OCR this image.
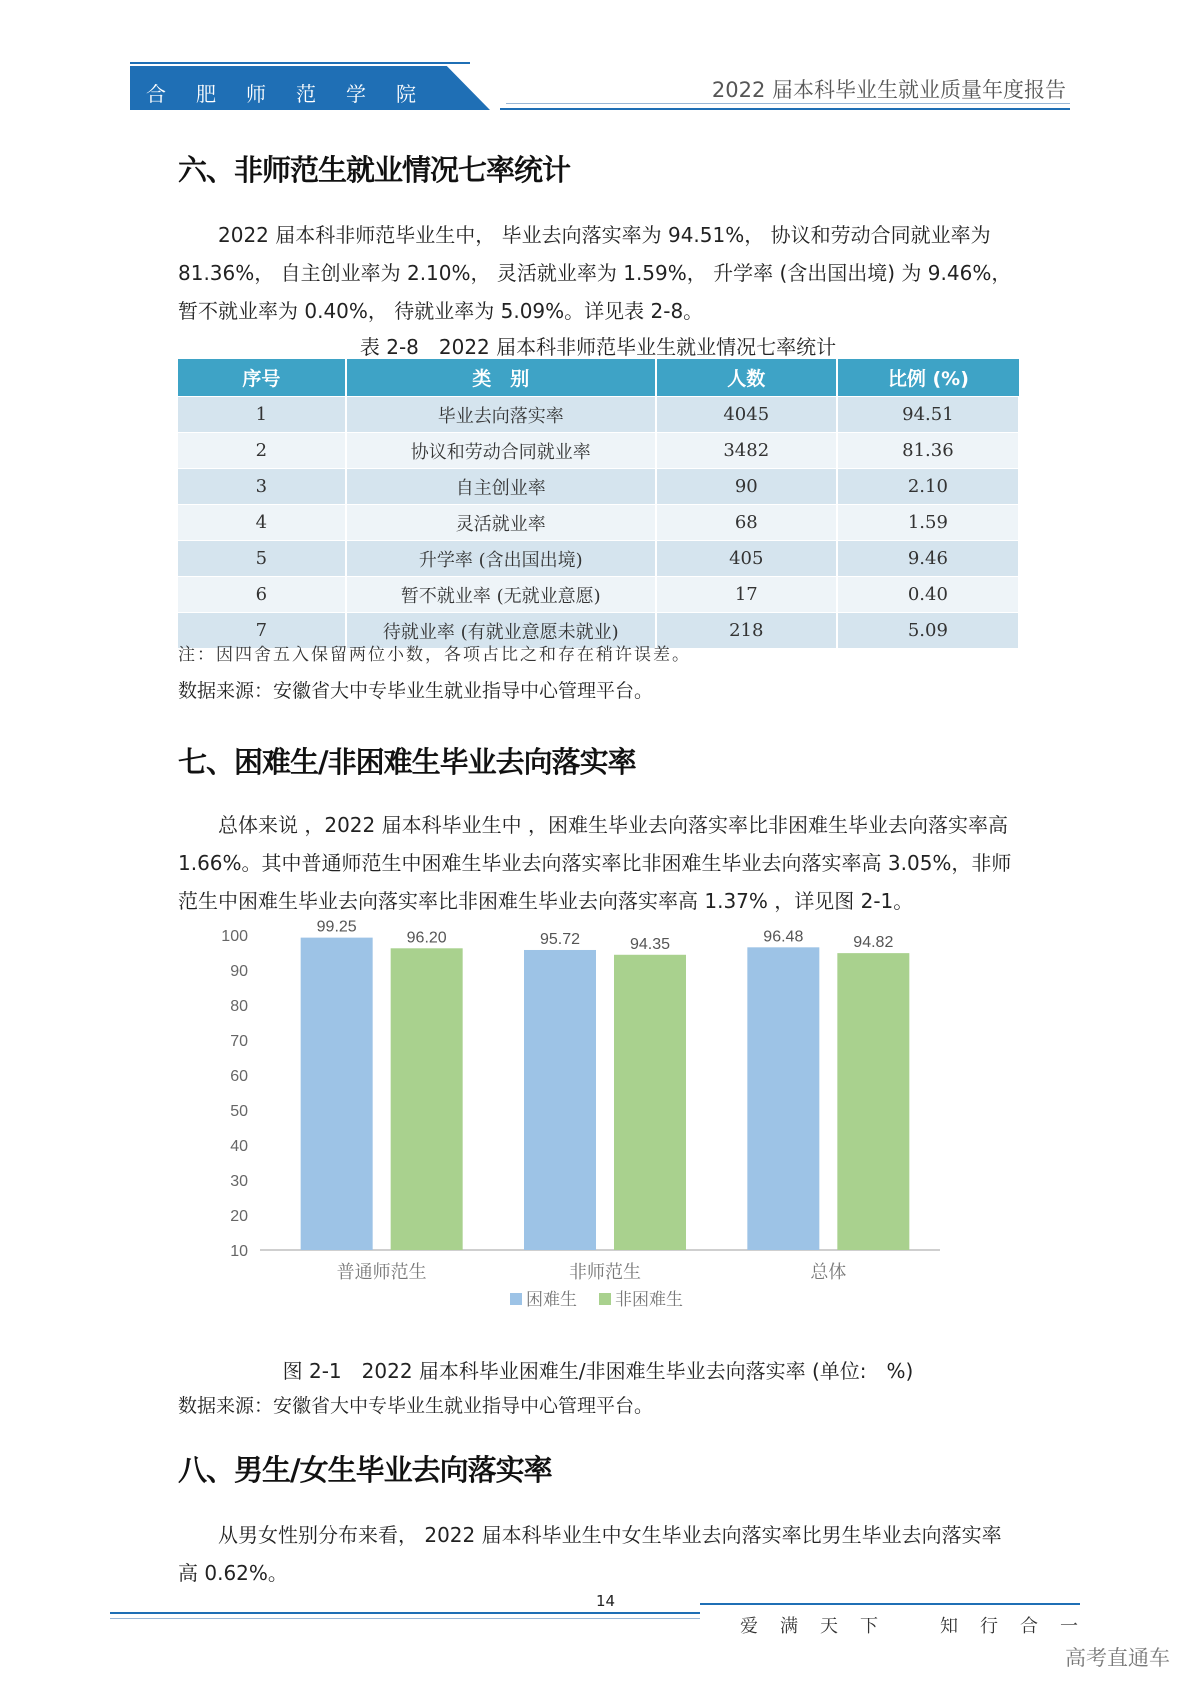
合肥师范学院	2022 届本科毕业生就业质量年度报告
六、非师范生就业情况七率统计
2022 届本科非师范毕业生中， 毕业去向落实率为 94.51%， 协议和劳动合同就业率为 81.36%， 自主创业率为 2.10%， 灵活就业率为 1.59%， 升学率 (含出国出境) 为 9.46%，暂不就业率为 0.40%， 待就业率为 5.09%。详见表 2-8。
表 2-8　2022 届本科非师范毕业生就业情况七率统计
序号	类　别	人数	比例 (%)
1	毕业去向落实率	4045	94.51
2	协议和劳动合同就业率	3482	81.36
3	自主创业率	90	2.10
4	灵活就业率	68	1.59
5	升学率 (含出国出境)	405	9.46
6	暂不就业率 (无就业意愿)	17	0.40
7	待就业率 (有就业意愿未就业)	218	5.09
注：因四舍五入保留两位小数，各项占比之和存在稍许误差。
数据来源：安徽省大中专毕业生就业指导中心管理平台。
七、困难生/非困难生毕业去向落实率
总体来说 ，2022 届本科毕业生中 ，困难生毕业去向落实率比非困难生毕业去向落实率高 1.66%。其中普通师范生中困难生毕业去向落实率比非困难生毕业去向落实率高 3.05%，非师范生中困难生毕业去向落实率比非困难生毕业去向落实率高 1.37% ，详见图 2-1。
10
20
30
40
50
60
70
80
90
100
99.25
96.20
普通师范生
95.72	94.35
非师范生
96.48	94.82
总体
困难生 非困难生
图 2-1　2022 届本科毕业困难生/非困难生毕业去向落实率 (单位:　%)
数据来源：安徽省大中专毕业生就业指导中心管理平台。
八、男生/女生毕业去向落实率
从男女性别分布来看， 2022 届本科毕业生中女生毕业去向落实率比男生毕业去向落实率高 0.62%。
14
爱满天下　知行合一
高考直通车
